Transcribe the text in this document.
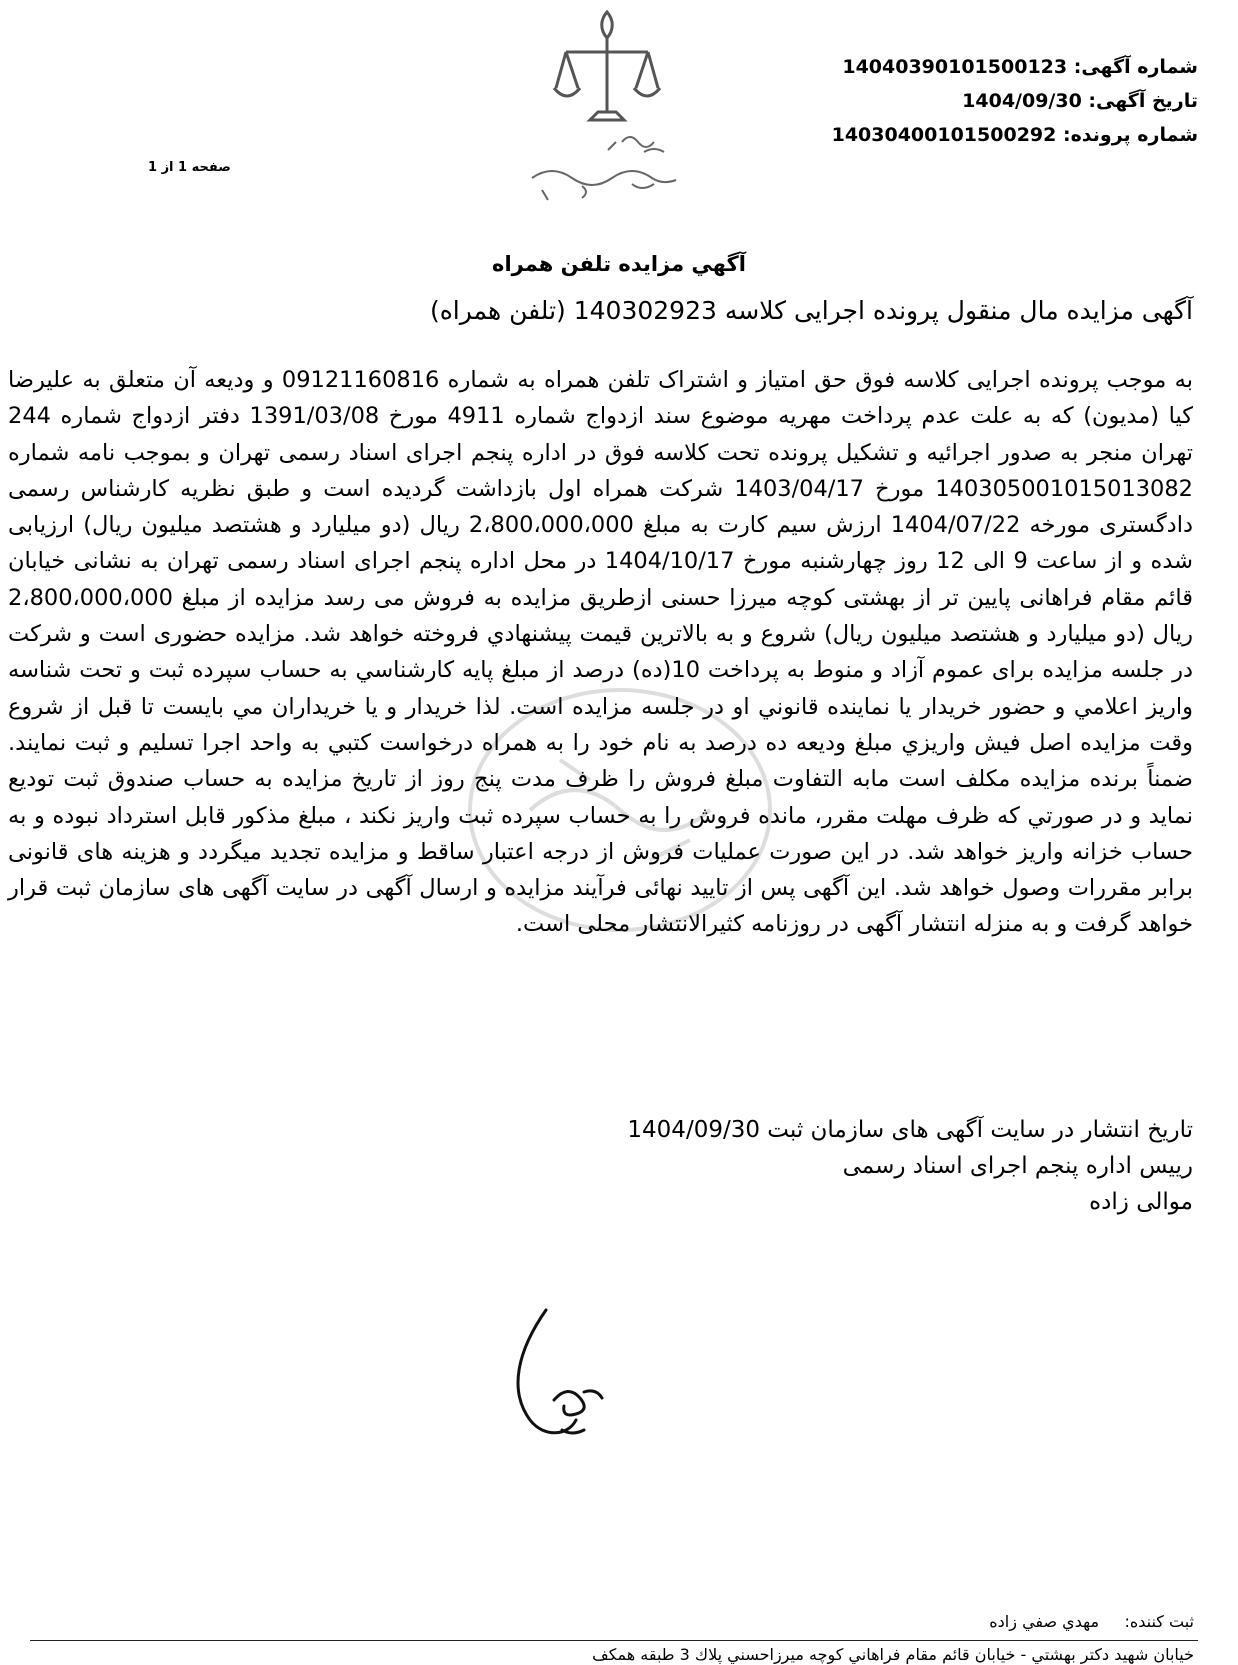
شماره آگهی: 14040390101500123
تاریخ آگهی: 1404/09/30
شماره پرونده: 14030400101500292
صفحه 1 از 1
آگهي مزايده تلفن همراه
آگهی مزایده مال منقول پرونده اجرایی کلاسه 140302923 (تلفن همراه)
به موجب پرونده اجرایی کلاسه فوق حق امتیاز و اشتراک تلفن همراه به شماره 09121160816 و ودیعه آن متعلق به علیرضا کیا (مدیون) که به علت عدم پرداخت مهریه موضوع سند ازدواج شماره 4911 مورخ 1391/03/08 دفتر ازدواج شماره 244 تهران منجر به صدور اجرائیه و تشکیل پرونده تحت کلاسه فوق در اداره پنجم اجرای اسناد رسمی تهران و بموجب نامه شماره 140305001015013082 مورخ 1403/04/17 شرکت همراه اول بازداشت گردیده است و طبق نظریه کارشناس رسمی دادگستری مورخه 1404/07/22 ارزش سیم کارت به مبلغ 2،800،000،000 ریال (دو میلیارد و هشتصد میلیون ریال) ارزیابی شده و از ساعت 9 الی 12 روز چهارشنبه مورخ 1404/10/17 در محل اداره پنجم اجرای اسناد رسمی تهران به نشانی خیابان قائم مقام فراهانی پایین تر از بهشتی کوچه میرزا حسنی ازطریق مزایده به فروش می رسد مزایده از مبلغ 2،800،000،000 ریال (دو میلیارد و هشتصد میلیون ریال) شروع و به بالاترین قیمت پیشنهادي فروخته خواهد شد. مزایده حضوری است و شرکت در جلسه مزایده برای عموم آزاد و منوط به پرداخت 10(ده) درصد از مبلغ پایه کارشناسي به حساب سپرده ثبت و تحت شناسه واریز اعلامي و حضور خریدار یا نماینده قانوني او در جلسه مزایده است. لذا خریدار و یا خریداران مي بایست تا قبل از شروع وقت مزایده اصل فیش واریزي مبلغ ودیعه ده درصد به نام خود را به همراه درخواست کتبي به واحد اجرا تسلیم و ثبت نمایند. ضمناً برنده مزایده مکلف است مابه التفاوت مبلغ فروش را ظرف مدت پنج روز از تاریخ مزایده به حساب صندوق ثبت تودیع نماید و در صورتي که ظرف مهلت مقرر، مانده فروش را به حساب سپرده ثبت واریز نکند ، مبلغ مذکور قابل استرداد نبوده و به حساب خزانه واریز خواهد شد. در این صورت عملیات فروش از درجه اعتبار ساقط و مزایده تجدید میگردد و هزینه های قانونی برابر مقررات وصول خواهد شد. این آگهی پس از تایید نهائی فرآیند مزایده و ارسال آگهی در سایت آگهی های سازمان ثبت قرار خواهد گرفت و به منزله انتشار آگهی در روزنامه کثیرالانتشار محلی است.
تاریخ انتشار در سایت آگهی های سازمان ثبت 1404/09/30
رییس اداره پنجم اجرای اسناد رسمی
موالی زاده
ثبت کننده:     مهدي صفي زاده
خيابان شهيد دكتر بهشتي - خيابان قائم مقام فراهاني كوچه ميرزاحسني پلاك 3 طبقه همكف
